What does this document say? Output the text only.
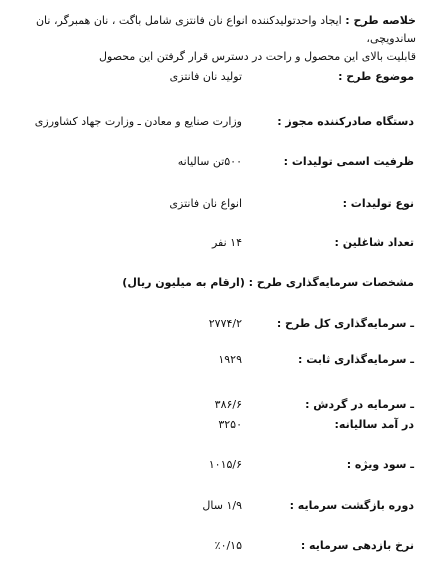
خلاصه طرح : ایجاد واحدتولیدکننده انواع نان فانتزی شامل باگت ، نان همبرگر، نان ساندویچی،
قابلیت بالای این محصول و راحت در دسترس قرار گرفتن این محصول
موضوع طرح :
تولید نان فانتزی
دستگاه صادرکننده مجوز :
وزارت صنایع و معادن ـ وزارت جهاد کشاورزی
ظرفیت اسمی تولیدات :
۵۰۰تن سالیانه
نوع تولیدات :
انواع نان فانتزی
تعداد شاغلین :
۱۴ نفر
مشخصات سرمایه‌گذاری طرح : (ارقام به میلیون ریال)
ـ سرمایه‌گذاری کل طرح :
۲۷۷۴/۲
ـ سرمایه‌گذاری ثابت :
۱۹۲۹
ـ سرمایه در گردش :
۳۸۶/۶
در آمد سالیانه:
۳۲۵۰
ـ سود ویژه :
۱۰۱۵/۶
دوره بازگشت سرمایه :
۱/۹ سال
نرخ بازدهی سرمایه :
٪۰/۱۵
